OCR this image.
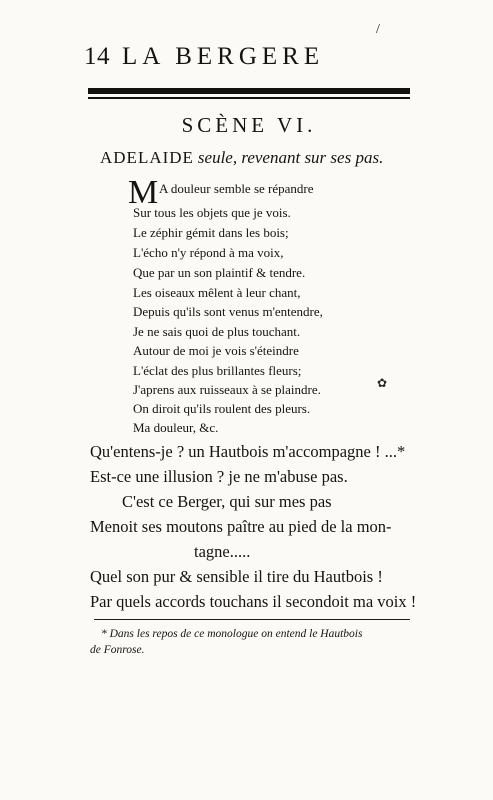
14 LA BERGERE
SCÈNE VI.
ADELAIDE seule, revenant sur ses pas.
M A douleur semble se répandre
Sur tous les objets que je vois.
Le zéphir gémit dans les bois;
L'écho n'y répond à ma voix,
Que par un son plaintif & tendre.
Les oiseaux mêlent à leur chant,
Depuis qu'ils sont venus m'entendre,
Je ne sais quoi de plus touchant.
Autour de moi je vois s'éteindre
L'éclat des plus brillantes fleurs;
J'aprens aux ruisseaux à se plaindre.
On diroit qu'ils roulent des pleurs.
Ma douleur, &c.
✿
/
Qu'entens-je ? un Hautbois m'accompagne ! ...*
Est-ce une illusion ? je ne m'abuse pas.
C'est ce Berger, qui sur mes pas
Menoit ses moutons paître au pied de la mon-
tagne.....
Quel son pur & sensible il tire du Hautbois !
Par quels accords touchans il secondoit ma voix !
* Dans les repos de ce monologue on entend le Hautbois
de Fonrose.
